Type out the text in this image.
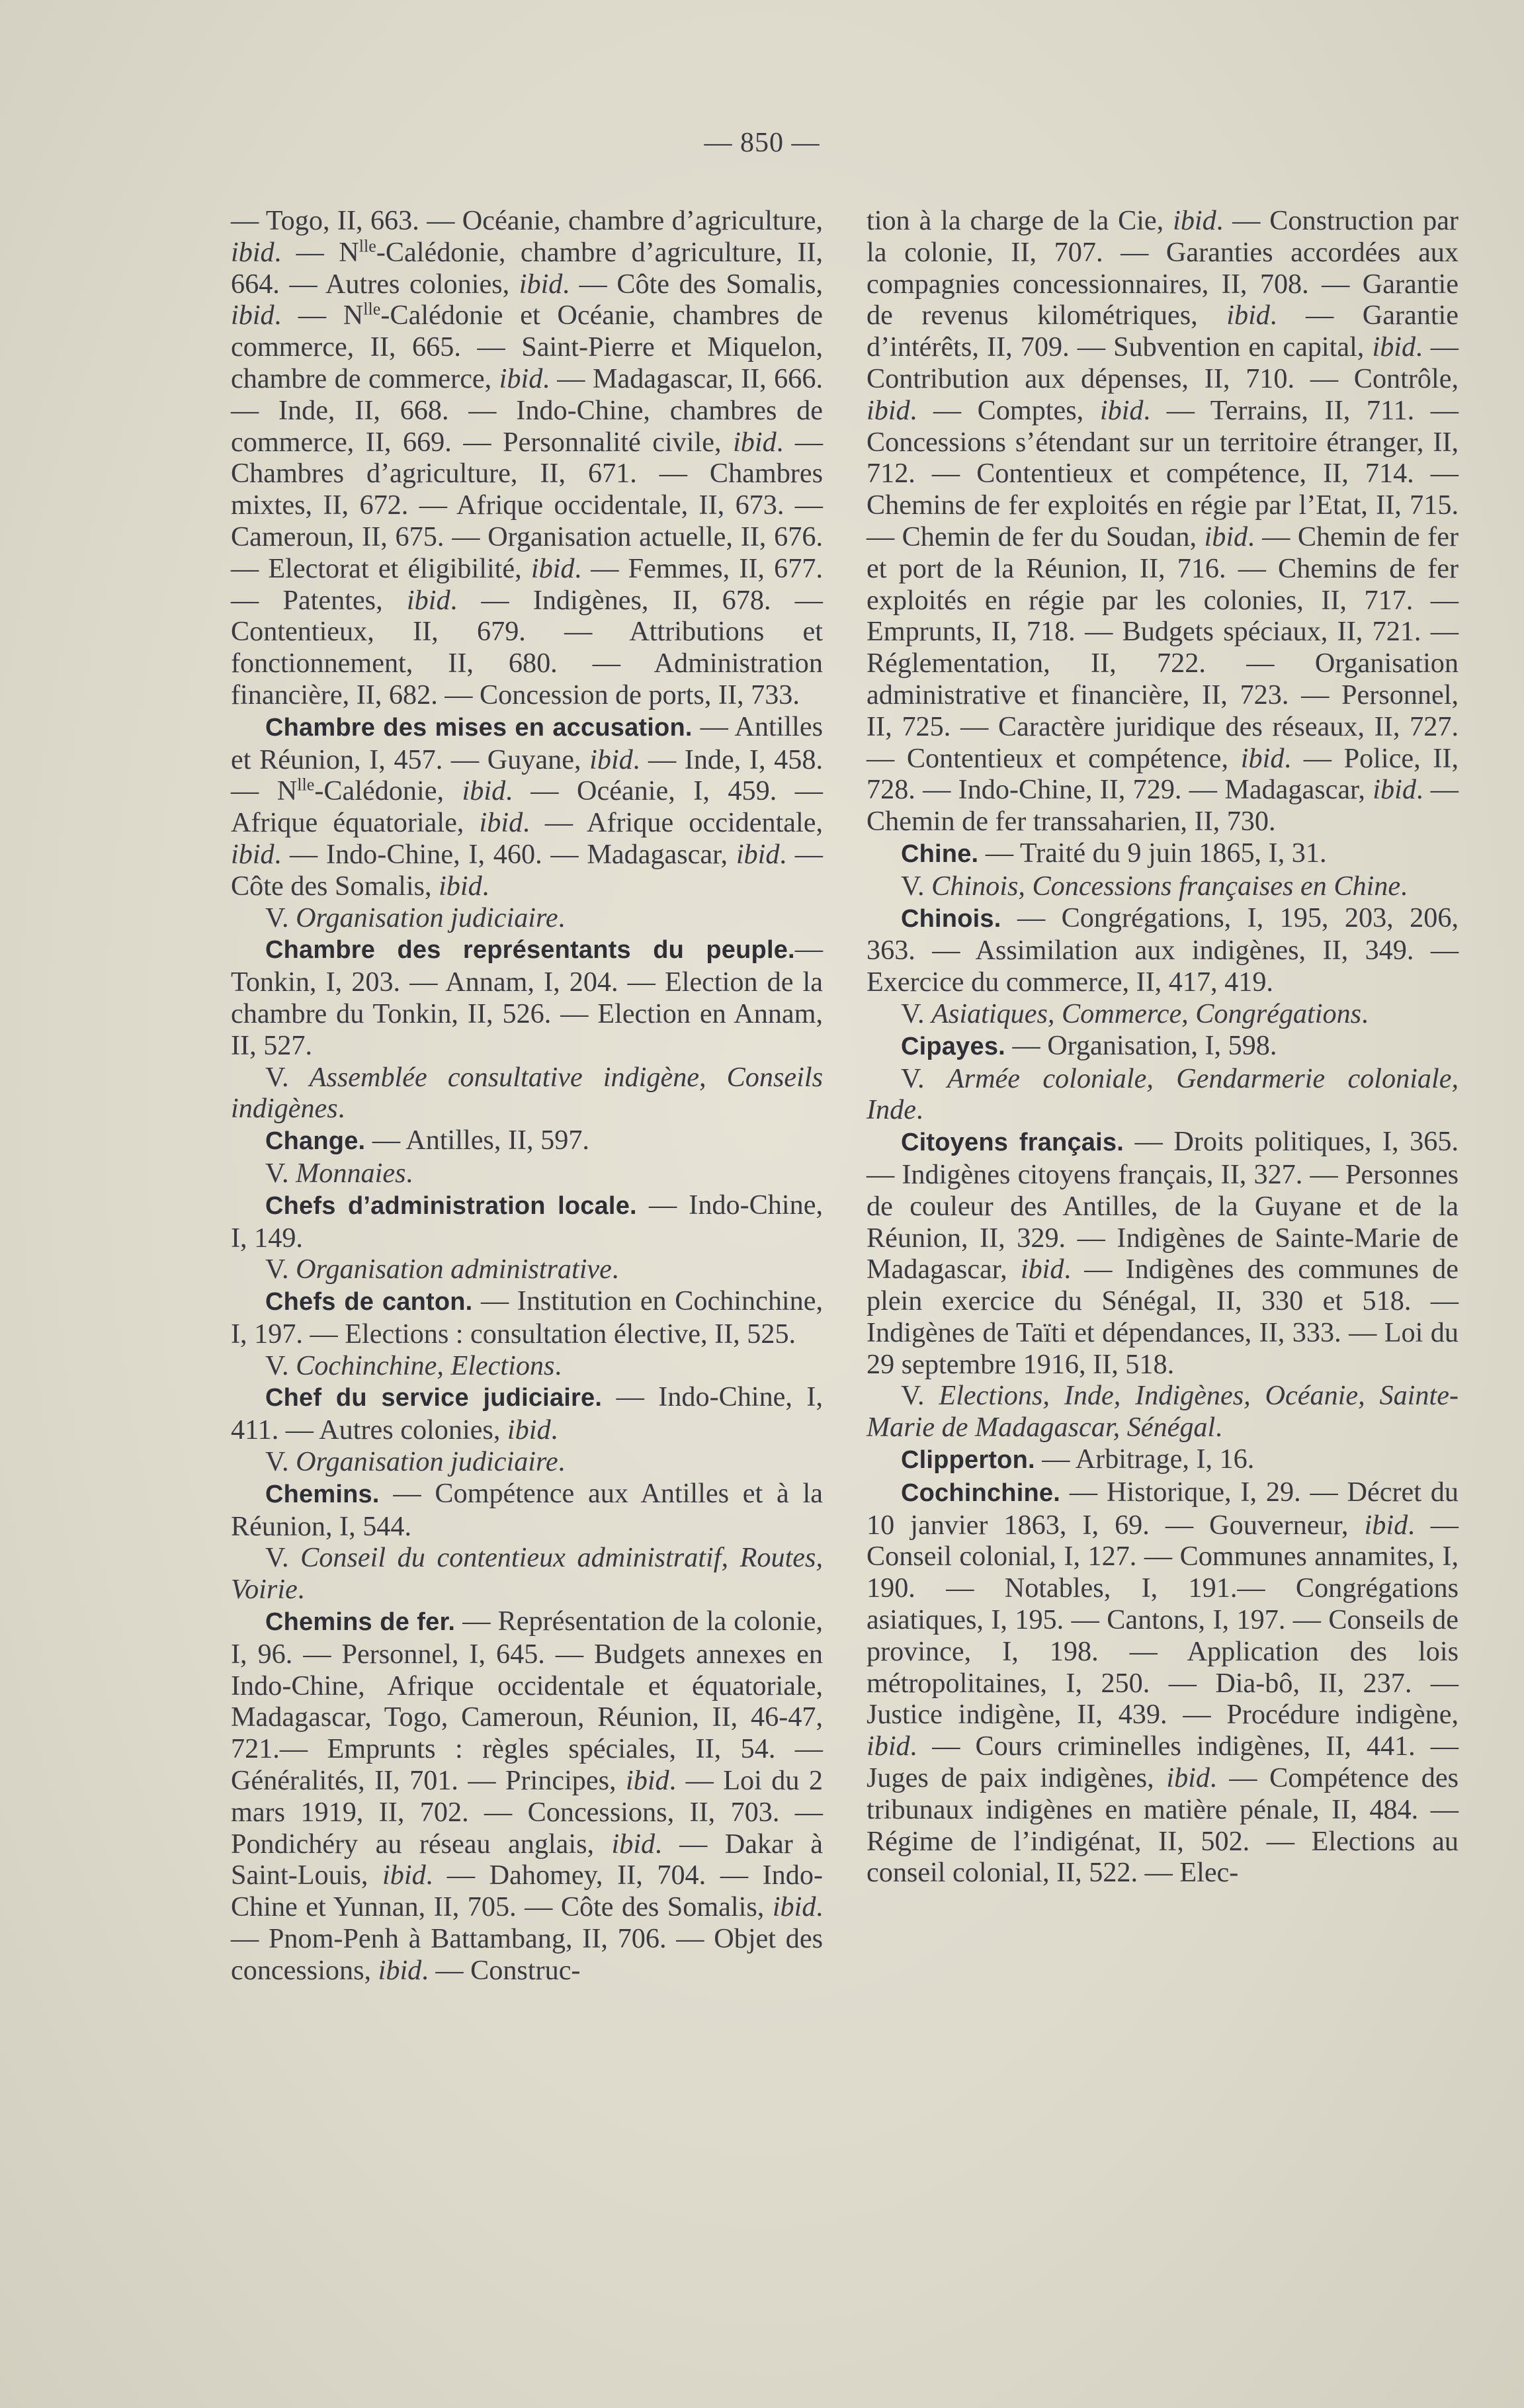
— 850 —

— Togo, II, 663. — Océanie, chambre d’agriculture, ibid. — $N^{lle}$-Calédonie, chambre d’agriculture, II, 664. — Autres colonies, ibid. — Côte des Somalis, ibid. — $N^{lle}$-Calédonie et Océanie, chambres de commerce, II, 665. — Saint-Pierre et Miquelon, chambre de commerce, ibid. — Madagascar, II, 666. — Inde, II, 668. — Indo-Chine, chambres de commerce, II, 669. — Personnalité civile, ibid. — Chambres d’agriculture, II, 671. — Chambres mixtes, II, 672. — Afrique occidentale, II, 673. — Cameroun, II, 675. — Organisation actuelle, II, 676. — Electorat et éligibilité, ibid. — Femmes, II, 677. — Patentes, ibid. — Indigènes, II, 678. — Contentieux, II, 679. — Attributions et fonctionnement, II, 680. — Administration financière, II, 682. — Concession de ports, II, 733.

Chambre des mises en accusation. — Antilles et Réunion, I, 457. — Guyane, ibid. — Inde, I, 458. — $N^{lle}$-Calédonie, ibid. — Océanie, I, 459. — Afrique équatoriale, ibid. — Afrique occidentale, ibid. — Indo-Chine, I, 460. — Madagascar, ibid. — Côte des Somalis, ibid.

V. Organisation judiciaire.

Chambre des représentants du peuple.— Tonkin, I, 203. — Annam, I, 204. — Election de la chambre du Tonkin, II, 526. — Election en Annam, II, 527.

V. Assemblée consultative indigène, Conseils indigènes.

Change. — Antilles, II, 597.

V. Monnaies.

Chefs d’administration locale. — Indo-Chine, I, 149.

V. Organisation administrative.

Chefs de canton. — Institution en Cochinchine, I, 197. — Elections : consultation élective, II, 525.

V. Cochinchine, Elections.

Chef du service judiciaire. — Indo-Chine, I, 411. — Autres colonies, ibid.

V. Organisation judiciaire.

Chemins. — Compétence aux Antilles et à la Réunion, I, 544.

V. Conseil du contentieux administratif, Routes, Voirie.

Chemins de fer. — Représentation de la colonie, I, 96. — Personnel, I, 645. — Budgets annexes en Indo-Chine, Afrique occidentale et équatoriale, Madagascar, Togo, Cameroun, Réunion, II, 46-47, 721.— Emprunts : règles spéciales, II, 54. — Généralités, II, 701. — Principes, ibid. — Loi du 2 mars 1919, II, 702. — Concessions, II, 703. — Pondichéry au réseau anglais, ibid. — Dakar à Saint-Louis, ibid. — Dahomey, II, 704. — Indo-Chine et Yunnan, II, 705. — Côte des Somalis, ibid.— Pnom-Penh à Battambang, II, 706. — Objet des concessions, ibid. — Construc-

tion à la charge de la Cie, ibid. — Construction par la colonie, II, 707. — Garanties accordées aux compagnies concessionnaires, II, 708. — Garantie de revenus kilométriques, ibid. — Garantie d’intérêts, II, 709. — Subvention en capital, ibid. — Contribution aux dépenses, II, 710. — Contrôle, ibid. — Comptes, ibid. — Terrains, II, 711. — Concessions s’étendant sur un territoire étranger, II, 712. — Contentieux et compétence, II, 714. — Chemins de fer exploités en régie par l’Etat, II, 715. — Chemin de fer du Soudan, ibid. — Chemin de fer et port de la Réunion, II, 716. — Chemins de fer exploités en régie par les colonies, II, 717. — Emprunts, II, 718. — Budgets spéciaux, II, 721. — Réglementation, II, 722. — Organisation administrative et financière, II, 723. — Personnel, II, 725. — Caractère juridique des réseaux, II, 727. — Contentieux et compétence, ibid. — Police, II, 728. — Indo-Chine, II, 729. — Madagascar, ibid. — Chemin de fer transsaharien, II, 730.

Chine. — Traité du 9 juin 1865, I, 31.

V. Chinois, Concessions françaises en Chine.

Chinois. — Congrégations, I, 195, 203, 206, 363. — Assimilation aux indigènes, II, 349. — Exercice du commerce, II, 417, 419.

V. Asiatiques, Commerce, Congrégations.

Cipayes. — Organisation, I, 598.

V. Armée coloniale, Gendarmerie coloniale, Inde.

Citoyens français. — Droits politiques, I, 365. — Indigènes citoyens français, II, 327. — Personnes de couleur des Antilles, de la Guyane et de la Réunion, II, 329. — Indigènes de Sainte-Marie de Madagascar, ibid. — Indigènes des communes de plein exercice du Sénégal, II, 330 et 518. — Indigènes de Taïti et dépendances, II, 333. — Loi du 29 septembre 1916, II, 518.

V. Elections, Inde, Indigènes, Océanie, Sainte-Marie de Madagascar, Sénégal.

Clipperton. — Arbitrage, I, 16.

Cochinchine. — Historique, I, 29. — Décret du 10 janvier 1863, I, 69. — Gouverneur, ibid. — Conseil colonial, I, 127. — Communes annamites, I, 190. — Notables, I, 191.— Congrégations asiatiques, I, 195. — Cantons, I, 197. — Conseils de province, I, 198. — Application des lois métropolitaines, I, 250. — Dia-bô, II, 237. — Justice indigène, II, 439. — Procédure indigène, ibid. — Cours criminelles indigènes, II, 441. — Juges de paix indigènes, ibid. — Compétence des tribunaux indigènes en matière pénale, II, 484. — Régime de l’indigénat, II, 502. — Elections au conseil colonial, II, 522. — Elec-
